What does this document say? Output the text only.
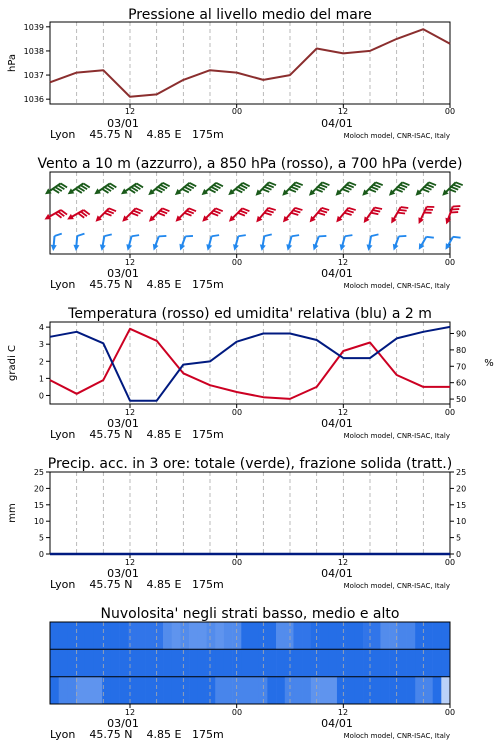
Pressione al livello medio del mare
hPa
1036
1037
1038
1039
12	00	12	00
03/01	04/01
Lyon    45.75 N    4.85 E   175m	Moloch model, CNR-ISAC, Italy
Vento a 10 m (azzurro), a 850 hPa (rosso), a 700 hPa (verde)
12	00	12	00
03/01	04/01
Lyon    45.75 N    4.85 E   175m	Moloch model, CNR-ISAC, Italy
Temperatura (rosso) ed umidita' relativa (blu) a 2 m
gradi C	%
0
1
2
3
4
50
60
70
80
90
12	00	12	00
03/01	04/01
Lyon    45.75 N    4.85 E   175m	Moloch model, CNR-ISAC, Italy
Precip. acc. in 3 ore: totale (verde), frazione solida (tratt.)
mm
0
5
10
15
20
25
0
5
10
15
20
25
12	00	12	00
03/01	04/01
Lyon    45.75 N    4.85 E   175m	Moloch model, CNR-ISAC, Italy
Nuvolosita' negli strati basso, medio e alto
12	00	12	00
03/01	04/01
Lyon    45.75 N    4.85 E   175m	Moloch model, CNR-ISAC, Italy
